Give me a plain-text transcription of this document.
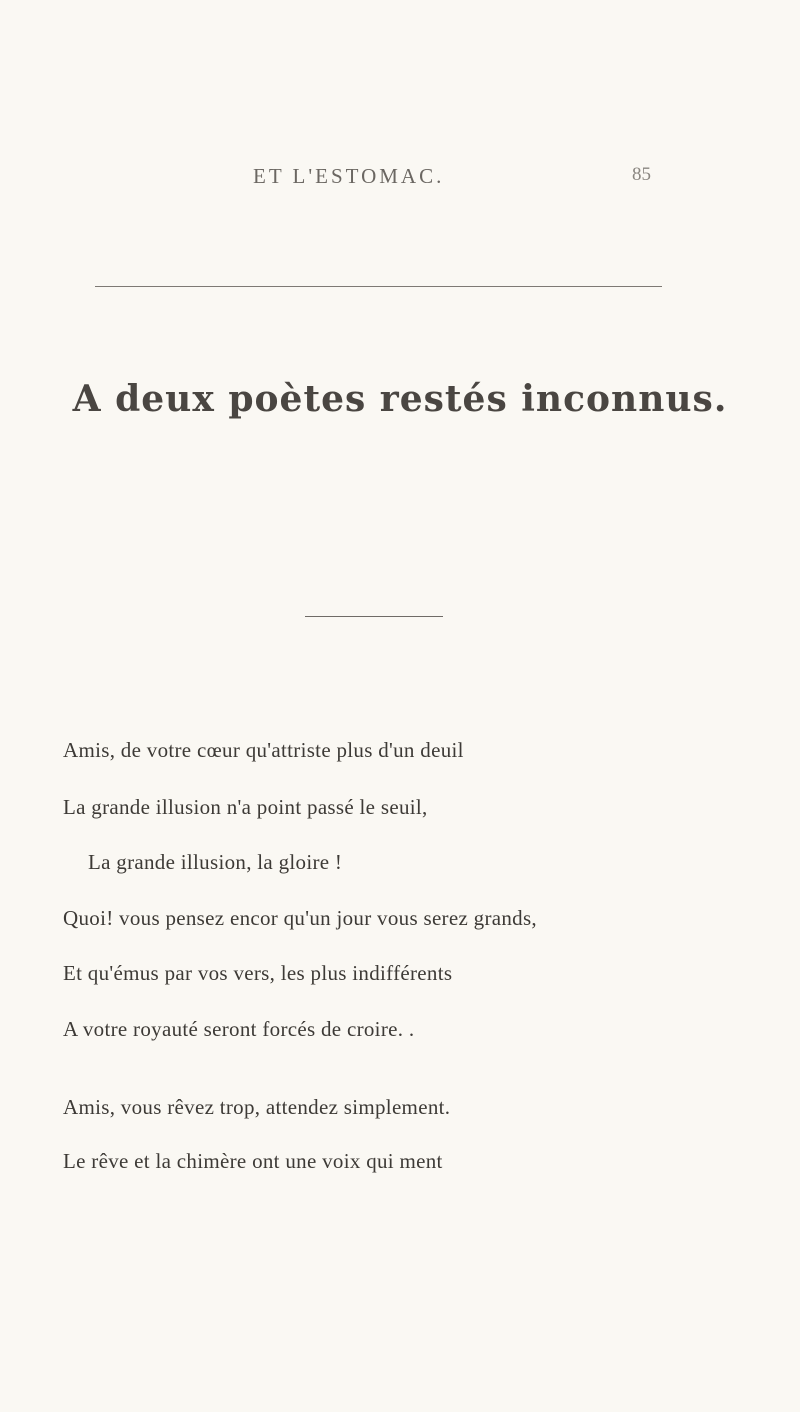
ET L'ESTOMAC.	85
A deux poètes restés inconnus.
Amis, de votre cœur qu'attriste plus d'un deuil
La grande illusion n'a point passé le seuil,
La grande illusion, la gloire !
Quoi! vous pensez encor qu'un jour vous serez grands,
Et qu'émus par vos vers, les plus indifférents
A votre royauté seront forcés de croire. .
Amis, vous rêvez trop, attendez simplement.
Le rêve et la chimère ont une voix qui ment
